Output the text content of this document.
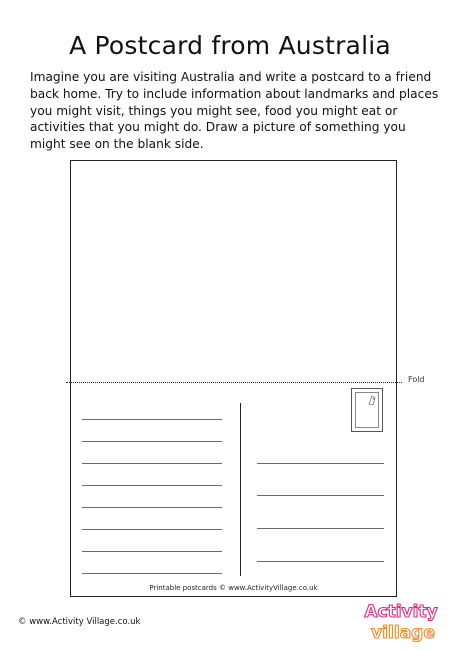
A Postcard from Australia

Imagine you are visiting Australia and write a postcard to a friend back home. Try to include information about landmarks and places you might visit, things you might see, food you might eat or activities that you might do. Draw a picture of something you might see on the blank side.

Fold
Printable postcards © www.ActivityVillage.co.uk
© www.Activity Village.co.uk	Activity
village
